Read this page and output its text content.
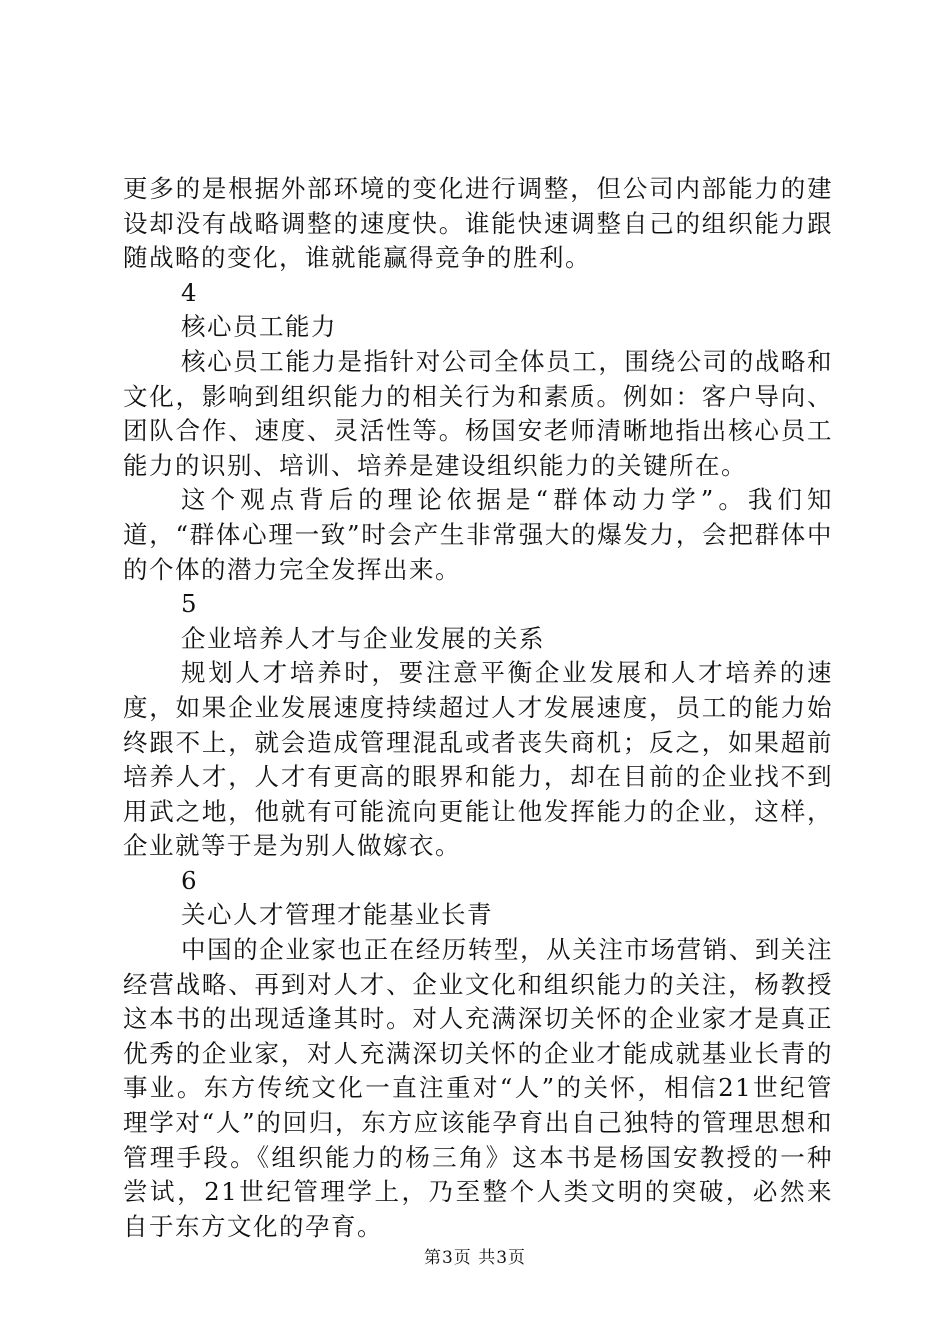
更多的是根据外部环境的变化进行调整，但公司内部能力的建设却没有战略调整的速度快。谁能快速调整自己的组织能力跟随战略的变化，谁就能赢得竞争的胜利。

4

核心员工能力

核心员工能力是指针对公司全体员工，围绕公司的战略和文化，影响到组织能力的相关行为和素质。例如：客户导向、团队合作、速度、灵活性等。杨国安老师清晰地指出核心员工能力的识别、培训、培养是建设组织能力的关键所在。

这个观点背后的理论依据是“群体动力学”。我们知道，“群体心理一致”时会产生非常强大的爆发力，会把群体中的个体的潜力完全发挥出来。

5

企业培养人才与企业发展的关系

规划人才培养时，要注意平衡企业发展和人才培养的速度，如果企业发展速度持续超过人才发展速度，员工的能力始终跟不上，就会造成管理混乱或者丧失商机；反之，如果超前培养人才，人才有更高的眼界和能力，却在目前的企业找不到用武之地，他就有可能流向更能让他发挥能力的企业，这样，企业就等于是为别人做嫁衣。

6

关心人才管理才能基业长青

中国的企业家也正在经历转型，从关注市场营销、到关注经营战略、再到对人才、企业文化和组织能力的关注，杨教授这本书的出现适逢其时。对人充满深切关怀的企业家才是真正优秀的企业家，对人充满深切关怀的企业才能成就基业长青的事业。东方传统文化一直注重对“人”的关怀，相信21世纪管理学对“人”的回归，东方应该能孕育出自己独特的管理思想和管理手段。《组织能力的杨三角》这本书是杨国安教授的一种尝试，21世纪管理学上，乃至整个人类文明的突破，必然来自于东方文化的孕育。

第3页 共3页
